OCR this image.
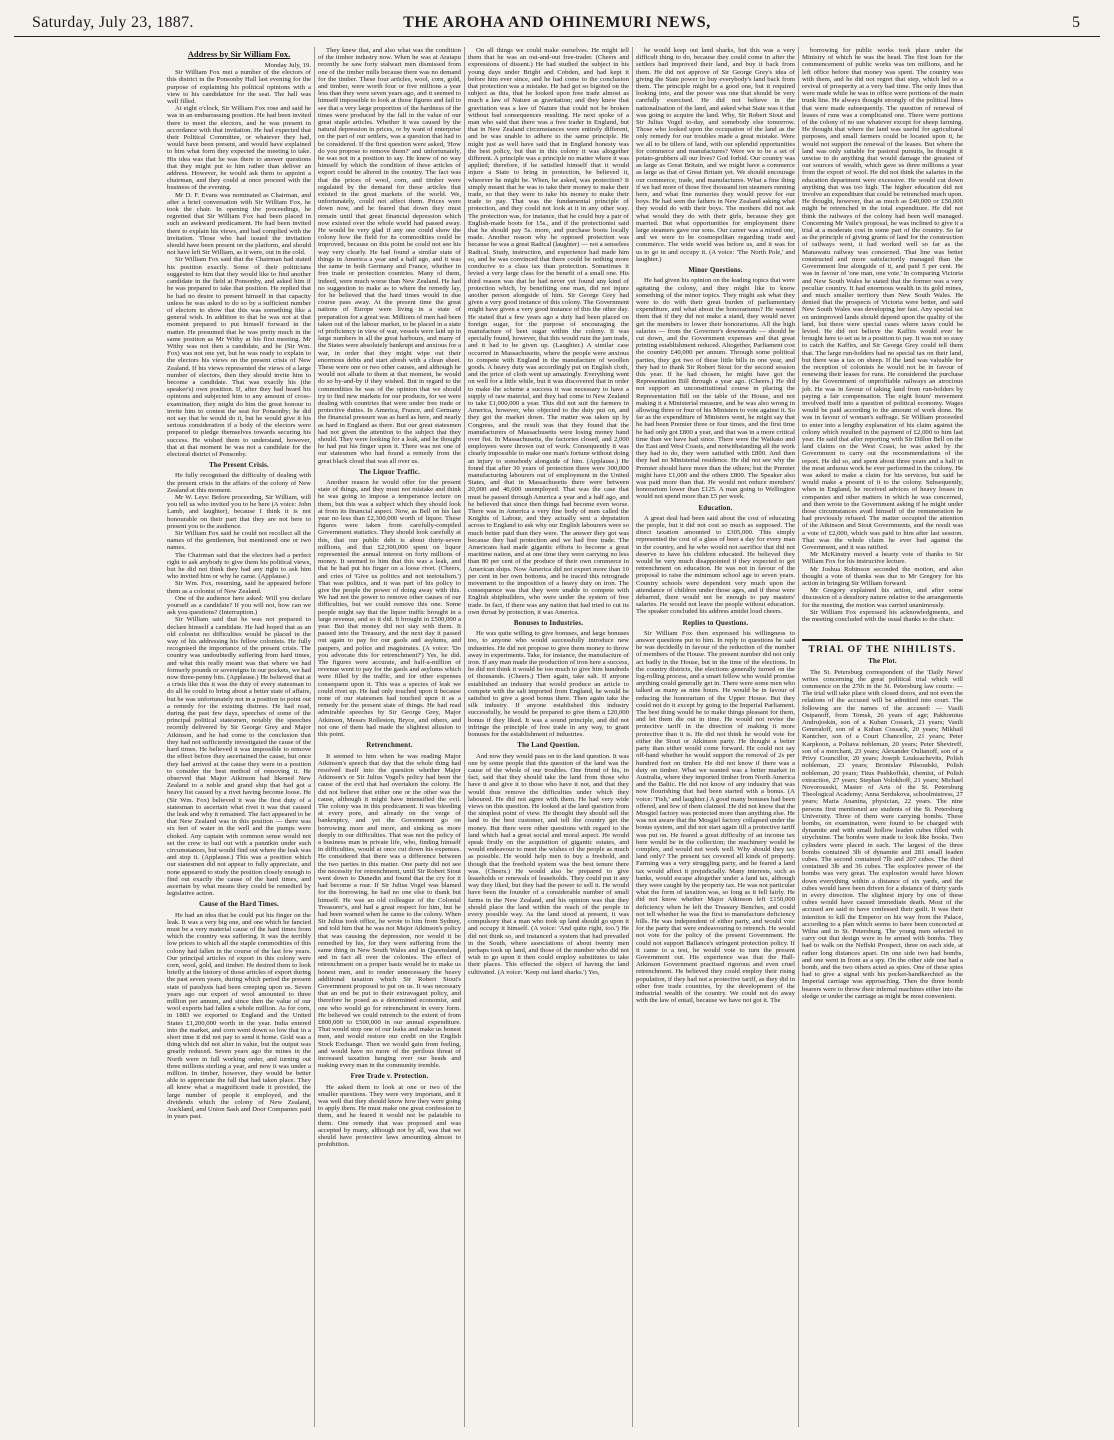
Saturday, July 23, 1887.	THE AROHA AND OHINEMURI NEWS,	5
Address by Sir William Fox.
Monday July, 19.

Sir William Fox met a number of the electors of this district in the Ponsonby Hall last evening for the purpose of explaining his political opinions with a view to his candidature for the seat. The hall was well filled.

At eight o'clock, Sir William Fox rose and said he was in an embarrassing position. He had been invited there to meet the electors, and he was present in accordance with that invitation. He had expected that their Political Committee, or whatever they had, would have been present, and would have explained to him what form they expected the meeting to take. His idea was that he was there to answer questions that they might put to him rather than deliver an address. However, he would ask them to appoint a chairman, and they could at once proceed with the business of the evening.

Mr D. F. Evans was nominated as Chairman, and after a brief conversation with Sir William Fox, he took the chair. In opening the proceedings, he regretted that Sir William Fox had been placed in such an awkward predicament. He had been invited there to explain his views, and had complied with the invitation. Those who had issued the invitation should have been present on the platform, and should not have left Sir William, as it were, out in the cold.

Sir William Fox said that the Chairman had stated his position exactly. Some of their politicians suggested to him that they would like to find another candidate in the field at Ponsonby, and asked him if he was prepared to take that position. He replied that he had no desire to present himself in that capacity unless he was asked to do so by a sufficient number of electors to show that this was something like a general wish. In addition to that he was not at that moment prepared to put himself forward in the matter. He presumed that he was pretty much in the same position as Mr Withy at his first meeting. Mr Withy was not then a candidate, and he (Sir Wm. Fox) was not one yet, but he was ready to explain to the electors his views on the present crisis of New Zealand. If his views represented the views of a large number of electors, then they should invite him to become a candidate. That was exactly his (the speaker's) own position. If, after they had heard his opinions and subjected him to any amount of cross-examination, they might do him the great honour to invite him to contest the seat for Ponsonby; he did not say that he would do it, but he would give it his serious consideration if a body of the electors were prepared to pledge themselves towards securing his success. He wished them to understand, however, that at that moment he was not a candidate for the electoral district of Ponsonby.

The Present Crisis.

He fully recognised the difficulty of dealing with the present crisis in the affairs of the colony of New Zealand at this moment.

Mr W. Leys: Before proceeding, Sir William, will you tell us who invited you to be here (A voice: John Lamb, and laughter), because I think it is not honourable on their part that they are not here to present you to the audience.

Sir William Fox said he could not recollect all the names of the gentlemen, but mentioned one or two names.

The Chairman said that the electors had a perfect right to ask anybody to give them his political views, but he did not think they had any right to ask him who invited him or why he came. (Applause.)

Sir Wm. Fox, resuming, said he appeared before them as a colonist of New Zealand.

One of the audience here asked: Will you declare yourself as a candidate? If you will not, how can we ask you questions? (Interruption.)

Sir William said that he was not prepared to declare himself a candidate. He had hoped that as an old colonist no difficulties would be placed in the way of his addressing his fellow colonists. He fully recognised the importance of the present crisis. The country was undoubtedly suffering from hard times, and what this really meant was that where we had formerly pounds or sovereigns in our pockets, we had now three-penny bits. (Applause.) He believed that at a crisis like this it was the duty of every statesman to do all he could to bring about a better state of affairs, but he was unfortunately not in a position to point out a remedy for the existing distress. He had read, during the past few days, speeches of some of the principal political statesmen, notably the speeches recently delivered by Sir George Grey and Major Atkinson, and he had come to the conclusion that they had not sufficiently investigated the cause of the hard times. He believed it was impossible to remove the effect before they ascertained the cause, but once they had arrived at the cause they were in a position to consider the best method of removing it. He observed that Major Atkinson had likened New Zealand to a noble and grand ship that had got a heavy list caused by a rivet having become loose. He (Sir Wm. Fox) believed it was the first duty of a statesman to ascertain what rivet it was that caused the leak and why it remained. The fact appeared to be that New Zealand was in this position — there was six feet of water in the well and the pumps were choked. Any captain with common sense would not set the crew to bail out with a pannikin under such circumstances, but would find out where the leak was and stop it. (Applause.) This was a position which our statesmen did not appear to fully appreciate, and none appeared to study the position closely enough to find out exactly the cause of the hard times, and ascertain by what means they could be remedied by legislative action.

Cause of the Hard Times.

He had an idea that he could put his finger on the leak. It was a very big one, and one which he fancied must be a very material cause of the hard times from which the country was suffering. It was the terribly low prices to which all the staple commodities of this colony had fallen in the course of the last few years. Our principal articles of export in this colony were corn, wool, gold, and timber. He desired them to look briefly at the history of those articles of export during the past seven years, during which period the present state of paralysis had been creeping upon us. Seven years ago our export of wool amounted to three million per annum, and since then the value of our wool exports had fallen a whole million. As for corn, in 1883 we exported to England and the United States £1,200,000 worth in the year. India entered into the market, and corn went down so low that in a short time it did not pay to send it home. Gold was a thing which did not alter in value, but the output was greatly reduced. Seven years ago the mines in the North were in full working order, and turning out three millions sterling a year, and now it was under a million. In timber, however, they would be better able to appreciate the fall that had taken place. They all knew what a magnificent trade it provided, the large number of people it employed, and the dividends which the colony of New Zealand, Auckland, and Union Sash and Door Companies paid in years past.

They knew that, and also what was the condition of the timber industry now. When he was at Aratapu recently he saw forty stalwart men dismissed from one of the timber mills because there was no demand for the timber. These four articles, wool, corn, gold, and timber, were worth four or five millions a year less than they were seven years ago, and it seemed to himself impossible to look at those figures and fail to see that a very large proportion of the hardness of the times were produced by the fall in the value of our great staple articles. Whether it was caused by the natural depression in prices, or by want of enterprise on the part of our settlers, was a question that had to be considered. If the first question were asked, 'How do you propose to remove them?' and unfortunately, he was not in a position to say. He knew of no way himself by which the condition of these articles of export could be altered in the country. The fact was that the prices of wool, corn, and timber were regulated by the demand for these articles that existed in the great markets of the world. We, unfortunately, could not affect them. Prices were down now, and he feared that down they must remain until that great financial depression which now existed over the whole world had passed away. He would be very glad if any one could show the colony how the field for its commodities could be improved, because on this point he could not see his way very clearly. He had found a similar state of things in America a year and a half ago, and it was the same in both Germany and France, whether in free trade or protection countries. Many of them, indeed, were much worse than New Zealand. He had no suggestion to make as to where the remedy lay, for he believed that the hard times would in due course pass away. At the present time the great nations of Europe were living in a state of preparation for a great war. Millions of men had been taken out of the labour market, to be placed in a state of proficiency in view of war, vessels were laid up in large numbers in all the great harbours, and many of the States were absolutely bankrupt and anxious for a war, in order that they might wipe out their enormous debts and start afresh with a clean sheet. These were one or two other causes, and although he would not allude to them at that moment, he would do so by-and-by if they wished. But in regard to the commodities he was of the opinion that we should try to find new markets for our products, for we were dealing with countries that were under free trade or protective duties. In America, France, and Germany the financial pressure was as hard as here, and nearly as hard in England as there. But our great statesmen had not given the attention to the subject that they should. They were looking for a leak, and he thought he had put his finger upon it. There was not one of our statesmen who had found a remedy from the great black cloud that was all over us.

The Liquor Traffic.

Another reason he would offer for the present state of things, and they must not mistake and think he was going to impose a temperance lecture on them, but this was a subject which they should look at from its financial aspect. Now, as Bell on his last year no less than £2,300,000 worth of liquor. These figures were taken from carefully-compiled Government statistics. They should look carefully at this, that our public debt is about thirty-seven millions, and that £2,300,000 spent on liquor represented the annual interest on forty millions of money. It seemed to him that this was a leak, and that he had put his finger on a loose rivet. (Cheers, and cries of 'Give us politics and not teetotalism.') That was politics, and it was part of his policy to give the people the power of doing away with this. We had not the power to remove other causes of our difficulties, but we could remove this one. Some people might say that the liquor traffic brought in a large revenue, and so it did. It brought in £500,000 a year. But that money did not stay with them. It passed into the Treasury, and the next day it passed out again to pay for our gaols and asylums, and paupers, and police and magistrates. (A voice: 'Do you advocate this for retrenchment?') Yes, he did. The figures were accurate, and half-a-million of revenue went to pay for the gaols and asylums which were filled by the traffic, and for other expenses consequent upon it. This was a species of leak we could rivet up. He had only touched upon it because none of our statesmen had touched upon it as a remedy for the present state of things. He had read admirable speeches by Sir George Grey, Major Atkinson, Messrs Rolleston, Bryce, and others, and not one of them had made the slightest allusion to this point.

Retrenchment.

It seemed to him when he was reading Major Atkinson's speech that day that the whole thing had resolved itself into the question whether Major Atkinson's or Sir Julius Vogel's policy had been the cause of the evil that had overtaken the colony. He did not believe that either one or the other was the cause, although it might have intensified the evil. The colony was in this predicament. It was bleeding at every pore, and already on the verge of bankruptcy, and yet the Government go on borrowing more and more, and sinking us more deeply in our difficulties. That was not the policy of a business man in private life, who, finding himself in difficulties, would at once cut down his expenses. He considered that there was a difference between the two parties in this matter. One party did not see the necessity for retrenchment, until Sir Robert Stout went down to Dunedin and found that the cry for it had become a roar. If Sir Julius Vogel was blamed for the borrowing, he had no one else to thank but himself. He was an old colleague of the Colonial Treasurer's, and had a great respect for him, but he had been warned when he came to the colony. When Sir Julius took office, he wrote to him from Sydney, and told him that he was not Major Atkinson's policy that was causing the depression, nor would it be remedied by his, for they were suffering from the same thing in New South Wales and in Queensland, and in fact all over the colonies. The effect of retrenchment on a proper basis would be to make us honest men, and to render unnecessary the heavy additional taxation which Sir Robert Stout's Government proposed to put on us. It was necessary that an end be put to their extravagant policy, and therefore he posed as a determined economist, and one who would go for retrenchment in every form. He believed we could retrench to the extent of from £800,000 to £500,000 in our annual expenditure. That would stop one of our leaks and make us honest men, and would restore our credit on the English Stock Exchange. Then we would gain from feeling, and would have no more of the perilous threat of increased taxation hanging over our heads and making every man in the community tremble.

Free Trade v. Protection.

He asked them to look at one or two of the smaller questions. They were very important, and it was well that they should know how they were going to apply them. He must make one great confession to them, and he feared it would not be palatable to them. One remedy that was proposed and was accepted by many, although not by all, was that we should have protective laws amounting almost to prohibition.

On all things we could make ourselves. He might tell them that he was an out-and-out free-trader. (Cheers and expressions of dissent.) He had studied the subject in his young days under Bright and Cobden, and had kept it before him ever since, and he had come to the conclusion that protection was a mistake. He had got so bigoted on the subject as this, that he looked upon free trade almost as much a law of Nature as gravitation; and they knew that gravitation was a law of Nature that could not be broken without bad consequences resulting. He next spoke of a man who said that there was a free trader in England, but that in New Zealand circumstances were entirely different, and he was unable to adhere to the same principle. He might just as well have said that in England honesty was the best policy, but that in this colony it was altogether different. A principle was a principle no matter where it was applied; therefore, if he satisfied himself that it would injure a State to bring in protection, he believed it, wherever he might be. When, he asked, was protection? It simply meant that he was to take their money to make their trade, so that they were to take his money to make their trade to pay. That was the fundamental principle of protection, and they could not look at it in any other way. The protection was, for instance, that he could buy a pair of English-made boots for 15s., and if the protectionist said that he should pay 5s. more, and purchase boots locally made. Another reason why he opposed protection was because he was a great Radical (laughter) — not a senseless Radical. Study, instruction, and experience had made him so, and he was convinced that there could be nothing more conducive to a class tax than protection. Sometimes it levied a very large class for the benefit of a small one. His third reason was that he had never yet found any kind of protection which, by benefiting one man, did not injure another person alongside of him. Sir George Grey had given a very good instance of this colony. The Government might have given a very good instance of this the other day. He stated that a few years ago a duty had been placed on foreign sugar, for the purpose of encouraging the manufacture of beet sugar within the colony. It was specially found, however, that this would ruin the jam trade, and it had to be given up. (Laughter.) A similar case occurred in Massachusetts, where the people were anxious to compete with England in the manufacture of woollen goods. A heavy duty was accordingly put on English cloth, and the price of cloth went up amazingly. Everything went on well for a little while, but it was discovered that in order to make the scheme a success it was necessary to have a supply of raw material, and they had come to New Zealand to take £1,000,000 a year. This did not suit the farmers in America, however, who objected to the duty put on, and they got the market down. The matter was taken up by Congress, and the result was that they found that the manufacturers of Massachusetts were losing money hand over fist. In Massachusetts, the factories closed, and 2,000 employees were thrown out of work. Consequently it was clearly impossible to make one man's fortune without doing an injury to somebody alongside of him. (Applause.) He found that after 30 years of protection there were 300,000 manufacturing labourers out of employment in the United States, and that in Massachusetts there were between 20,000 and 40,000 unemployed. That was the case that must be passed through America a year and a half ago, and he believed that since then things had become even worse. There was in America a very fine body of men called the Knights of Labour, and they actually sent a deputation across to England to ask why our English labourers were so much better paid than they were. The answer they got was because they had protection and we had free trade. The Americans had made gigantic efforts to become a great maritime nation, and at one time they were carrying no less than 80 per cent of the produce of their own commerce in American ships. Now America did not export more than 10 per cent in her own bottoms, and he traced this retrograde movement to the imposition of a heavy duty on iron. The consequence was that they were unable to compete with English shipbuilders, who were under the system of free trade. In fact, if there was any nation that had tried to cut its own throat by protection, it was America.

Bonuses to Industries.

He was quite willing to give bonuses, and large bonuses too, to anyone who would successfully introduce new industries. He did not propose to give them money to throw away in experiments. Take, for instance, the manufacture of iron. If any man made the production of iron here a success, he did not think it would be too much to give him hundreds of thousands. (Cheers.) Then again, take salt. If anyone established an industry that would produce an article to compete with the salt imported from England, he would be satisfied to give a good bonus there. Then again take the silk industry. If anyone established this industry successfully, he would be prepared to give them a £20,000 bonus if they liked. It was a sound principle, and did not infringe the principle of free trade in any way, to grant bonuses for the establishment of industries.

The Land Question.

And now they would pass on to the land question. It was one by some people that this question of the land was the cause of the whole of our troubles. One friend of his, in fact, said that they should take the land from those who have it and give it to those who have it not, and that they would thus remove the difficulties under which they laboured. He did not agree with them. He had very wide views on this question. He looked at the land question from the simplest point of view. He thought they should sell the land to the best customer, and tell the country get the money. But there were other questions with regard to the land which had a great social and moral aspect. He would speak firstly on the acquisition of gigantic estates, and would endeavour to meet the wishes of the people as much as possible. He would help men to buy a freehold, and though that the freehold system was the best tenure there was. (Cheers.) He would also be prepared to give leaseholds or renewals of leaseholds. They could put it any way they liked, but they had the power to sell it. He would have been the founder of a considerable number of small farms in the New Zealand, and his opinion was that they should place the land within the reach of the people in every possible way. As the land stood at present, it was compulsory that a man who took up land should go upon it and occupy it himself. (A voice: 'And quite right, too.') He did not think so, and instanced a system that had prevailed in the South, where associations of about twenty men perhaps took up land, and those of the number who did not wish to go upon it then could employ substitutes to take their places. This effected the object of having the land cultivated. (A voice: 'Keep out land sharks.') Yes,

he would keep out land sharks, but this was a very difficult thing to do, because they could come in after the settlers had improved their land, and buy it back from them. He did not approve of Sir George Grey's idea of giving the State power to buy everybody's land back from them. The principle might be a good one, but it required looking into, and the power was one that should be very carefully exercised. He did not believe in the nationalisation of the land, and asked what State was it that was going to acquire the land. Why, Sir Robert Stout and Sir Julius Vogel to-day, and somebody else tomorrow. Those who looked upon the occupation of the land as the only remedy for our troubles made a great mistake. Were we all to be tillers of land, with our splendid opportunities for commerce and manufactures? Were we to be a set of potato-grubbers all our lives? God forbid. Our country was as large as Great Britain, and we might have a commerce as large as that of Great Britain yet. We should encourage our commerce, trade, and manufactures. What a fine thing if we had more of those five thousand ton steamers running here, and what fine nurseries they would prove for our boys. He had seen the fathers in New Zealand asking what they would do with their boys. The mothers did not ask what would they do with their girls, because they got married. But what opportunities for employment there large steamers gave our sons. Our career was a mixed one, and we were to be cosmopolitan regarding trade and commerce. The wide world was before us, and it was for us to go in and occupy it. (A voice: 'The North Pole,' and laughter.)

Minor Questions.

He had given his opinion on the leading topics that were agitating the colony, and they might like to know something of the minor topics. They might ask what they were to do with their great burden of parliamentary expenditure, and what about the honorariums? He warned them that if they did not make a stand, they would never get the members to lower their honorariums. All the high salaries — from the Governor's downwards — should be cut down, and the Government expenses and that great printing establishment reduced. Altogether, Parliament cost the country £40,000 per annum. Through some political parties, they got two of these little bills in one year, and they had to thank Sir Robert Stout for the second session this year. If he had chosen, he might have got the Representation Bill through a year ago. (Cheers.) He did not support an unconstitutional course in placing the Representation Bill on the table of the House, and not making it a Ministerial measure, and he was also wrong in allowing three or four of his Ministers to vote against it. So far as the expenditure of Ministers went, he might say that he had been Premier three or four times, and the first time he had only got £800 a year, and that was in a more critical time than we have had since. There were the Waikato and the East and West Coasts, and notwithstanding all the work they had to do, they were satisfied with £800. And then they had no Ministerial residence. He did not see why the Premier should have more than the others; but the Premier might have £1,000 and the others £800. The Speaker also was paid more than that. He would not reduce members' honorarium lower than £125. A man going to Wellington would not spend more than £5 per week.

Education.

A great deal had been said about the cost of educating the people, but it did not cost so much as supposed. The direct taxation amounted to £305,000. This simply represented the cost of a glass of beer a day for every man in the country, and he who would not sacrifice that did not deserve to have his children educated. He believed they would be very much disappointed if they expected to get retrenchment on education. He was not in favour of the proposal to raise the minimum school age to seven years. Country schools were dependent very much upon the attendance of children under those ages, and if these were debarred, there would not be enough to pay masters' salaries. He would not leave the people without education. The speaker concluded his address amidst loud cheers.

Replies to Questions.

Sir William Fox then expressed his willingness to answer questions put to him. In reply to questions he said he was decidedly in favour of the reduction of the number of members of the House. The present number did not only act badly in the House, but in the time of the elections. In the country districts, the elections generally turned on the log-rolling process, and a smart fellow who would promise anything could generally get in. There were some men who talked as many as nine hours. He would be in favour of reducing the honorarium of the Upper House. But they could not do it except by going to the Imperial Parliament. The best thing would be to make things pleasant for them, and let them die out in time. He would not revise the protective tariff in the direction of making it more protective than it is. He did not think he would vote for either the Stout or Atkinson party. He thought a better party than either would come forward. He could not say off-hand whether he would support the removal of 2s per hundred feet on timber. He did not know if there was a duty on timber. What we wanted was a better market in Australia, where they imported timber from North America and the Baltic. He did not know of any industry that was now flourishing that had been started with a bonus. (A voice: 'Fish,' and laughter.) A good many bonuses had been offered, and few of them claimed. He did not know that the Mosgiel factory was protected more than anything else. He was not aware that the Mosgiel factory collapsed under the bonus system, and did not start again till a protective tariff was put on. He feared a great difficulty of an income tax here would be in the collection; the machinery would be complex, and would not work well. Why should they tax land only? The present tax covered all kinds of property. Farming was a very struggling party, and he feared a land tax would affect it prejudicially. Many interests, such as banks, would escape altogether under a land tax, although they were caught by the property tax. He was not particular what the form of taxation was, so long as it fell fairly. He did not know whether Major Atkinson left £150,000 deficiency when he left the Treasury Benches, and could not tell whether he was the first to manufacture deficiency bills. He was independent of either party, and would vote for the party that were endeavouring to retrench. He would not vote for the policy of the present Government. He could not support Ballance's stringent protection policy. If it came to a test, he would vote to turn the present Government out. His experience was that the Hall-Atkinson Government practised rigorous and even cruel retrenchment. He believed they could employ their rising population, if they had not a protective tariff, as they did in other free trade countries, by the development of the industrial wealth of the country. We could not do away with the law of entail, because we have not got it. The

borrowing for public works took place under the Ministry of which he was the head. The first loan for the commencement of public works was ten millions, and he left office before that money was spent. The country was with them, and he did not regret that step, which led to a revival of prosperity at a very bad time. The only lines that were made while he was in office were portions of the main trunk line. He always thought strongly of the political lines that were made subsequently. The question of renewal of leases of runs was a complicated one. There were portions of the colony of no use whatever except for sheep farming. He thought that where the land was useful for agricultural purposes, and small farmers could be located upon it, he would not support the renewal of the leases. But where the land was only suitable for pastoral pursuits, he thought it unwise to do anything that would damage the greatest of our sources of wealth, which gave us three millions a year from the export of wool. He did not think the salaries in the education department were excessive. He would cut down anything that was too high. The higher education did not involve an expenditure that could be retrenched much upon. He thought, however, that as much as £40,000 or £50,000 might be retrenched in the total expenditure. He did not think the railways of the colony had been well managed. Concerning Mr Vaile's proposal, he was inclined to give it a trial at a moderate cost in some part of the country. So far as the principle of giving grants of land for the construction of railways went, it had worked well so far as the Manawatu railway was concerned. That line was better constructed and more satisfactorily managed than the Government line alongside of it, and paid 5 per cent. He was in favour of 'one man, one vote.' In comparing Victoria and New South Wales he stated that the former was a very peculiar country. It had enormous wealth in its gold mines, and much smaller territory than New South Wales. He denied that the prospects of Victoria were better, and said New South Wales was developing her fast. Any special tax on unimproved lands should depend upon the quality of the land, but there were special cases where taxes could be levied. He did not believe the Kaffirs would ever be brought here to set us in a position to pay. It was not so easy to catch the Kaffirs, and Sir George Grey could tell them that. The large run-holders had no special tax on their land, but there was a tax on sheep. If the land was valuable for the reception of colonists he would not be in favour of renewing their leases for runs. He considered the purchase by the Government of unprofitable railways an atrocious job. He was in favour of taking land from run-holders by paying a fair compensation. The eight hours' movement involved itself into a question of political economy. Wages would be paid according to the amount of work done. He was in favour of woman's suffrage. Sir William proceeded to enter into a lengthy explanation of his claim against the colony which resulted in the payment of £2,000 to him last year. He said that after reporting with Sir Dillon Bell on the land claims on the West Coast, he was asked by the Government to carry out the recommendations of the report. He did so, and spent about three years and a half in the most arduous work he ever performed in the colony. He was asked to make a claim for his services, but said he would make a present of it to the colony. Subsequently, when in England, he received advices of heavy losses in companies and other matters in which he was concerned, and then wrote to the Government asking if he might under those circumstances avail himself of the remuneration he had previously refused. The matter occupied the attention of the Atkinson and Stout Governments, and the result was a vote of £2,000, which was paid to him after last session. That was the whole claim he ever had against the Government, and it was ratified.

Mr McKinstry moved a hearty vote of thanks to Sir William Fox for his instructive lecture.

Mr Joshua Robinson seconded the motion, and also thought a vote of thanks was due to Mr Gregory for his action in bringing Sir William forward.

Mr Gregory explained his action, and after some discussion of a desultory nature relative to the arrangements for the meeting, the motion was carried unanimously.

Sir William Fox expressed his acknowledgments, and the meeting concluded with the usual thanks to the chair.

TRIAL OF THE NIHILISTS.
The Plot.

The St. Petersburg correspondent of the 'Daily News' writes concerning the great political trial which will commence on the 27th in the St. Petersburg law courts: — The trial will take place with closed doors, and not even the relations of the accused will be admitted into court. The following are the names of the accused: — Vasili Osipanoff, from Tomsk, 26 years of age; Pakhomius Andrujoskin, son of a Kuban Cossack, 21 years; Vasili Generaloff, son of a Kuban Cossack, 20 years; Mikhail Kantcher, son of a Court Chancellor, 21 years; Peter Karpkoon, a Poltava nobleman, 20 years; Peter Shevireff, son of a merchant, 23 years; Alexander Oulianoff, son of a Privy Councillor, 20 years; Joseph Louksachevits, Polish nobleman, 23 years; Bronislav Pilsoudski, Polish nobleman, 20 years; Titus Pashkoffski, chemist, of Polish extraction, 27 years; Stephan Volokhoff, 21 years; Michael Novorousski, Master of Arts of the St. Petersburg Theological Academy; Anna Serdukova, schoolmistress, 27 years; Maria Ananina, physician, 22 years. The nine persons first mentioned are students of the St. Petersburg University. Three of them were carrying bombs. These bombs, on examination, were found to be charged with dynamite and with small hollow leaden cubes filled with strychnine. The bombs were made to look like books. Two cylinders were placed in each. The largest of the three bombs contained 3lb of dynamite and 281 small leaden cubes. The second contained 7lb and 207 cubes. The third contained 3lb and 36 cubes. The explosive power of the bombs was very great. The explosion would have blown down everything within a distance of six yards, and the cubes would have been driven for a distance of thirty yards in every direction. The slightest injury by one of these cubes would have caused immediate death. Most of the accused are said to have confessed their guilt. It was their intention to kill the Emperor on his way from the Palace, according to a plan which seems to have been concocted at Wilna and in St. Petersburg. The young men selected to carry out that design were to be armed with bombs. They had to walk on the Neffski Prospect, three on each side, at rather long distances apart. On one side two had bombs, and one went in front as a spy. On the other side one had a bomb, and the two others acted as spies. One of these spies had to give a signal with his pocket-handkerchief as the Imperial carriage was approaching. Then the three bomb bearers were to throw their infernal machines either into the sledge or under the carriage as might be most convenient.
